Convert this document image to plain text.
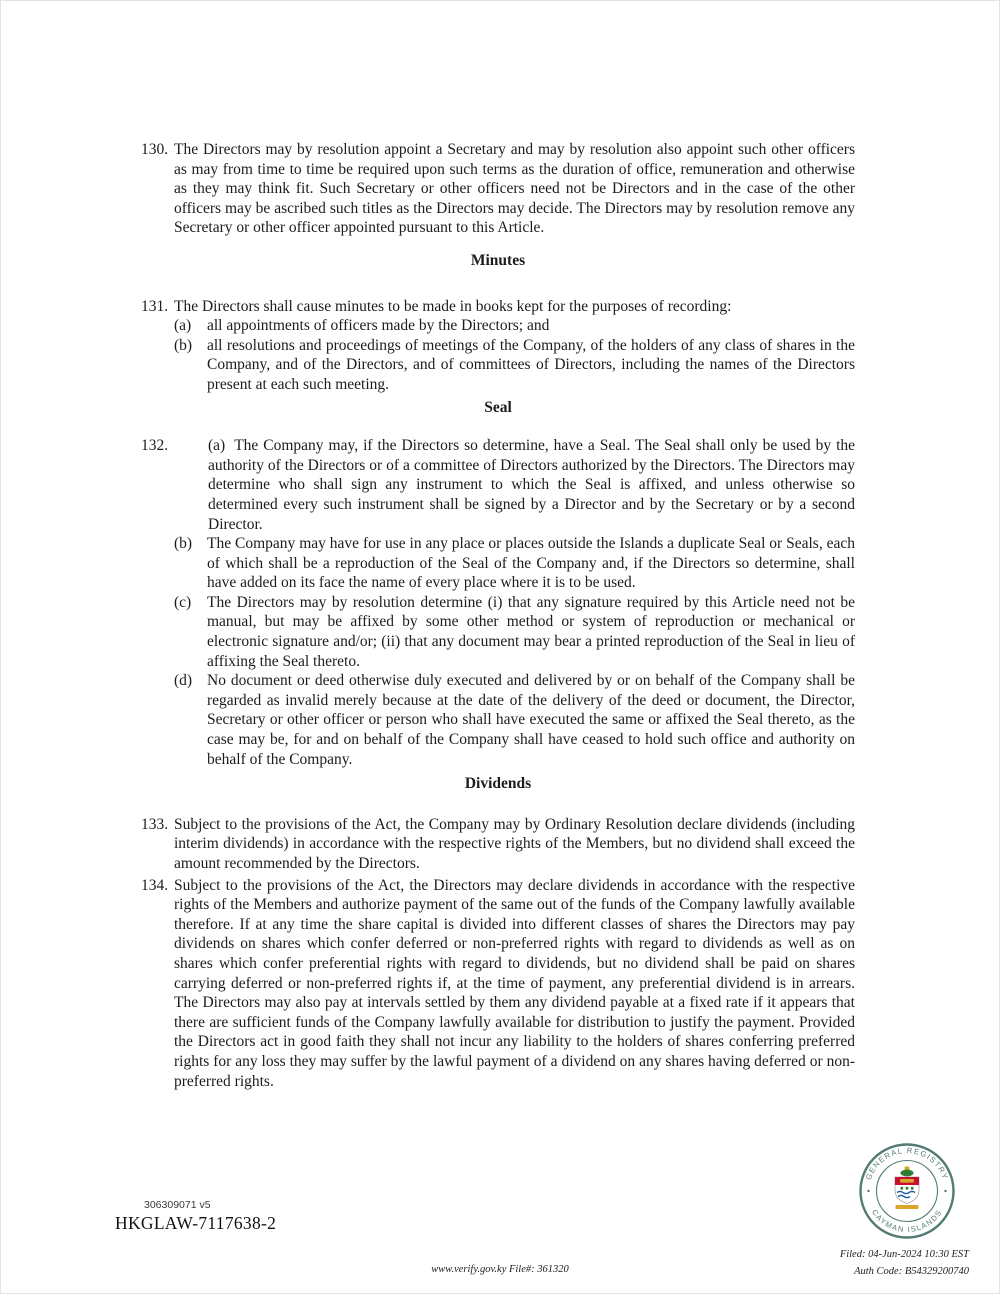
130. The Directors may by resolution appoint a Secretary and may by resolution also appoint such other officers as may from time to time be required upon such terms as the duration of office, remuneration and otherwise as they may think fit. Such Secretary or other officers need not be Directors and in the case of the other officers may be ascribed such titles as the Directors may decide. The Directors may by resolution remove any Secretary or other officer appointed pursuant to this Article.

Minutes
131. The Directors shall cause minutes to be made in books kept for the purposes of recording:

(a)	all appointments of officers made by the Directors; and

(b) all resolutions and proceedings of meetings of the Company, of the holders of any class of shares in the Company, and of the Directors, and of committees of Directors, including the names of the Directors present at each such meeting.

Seal
132.	(a) The Company may, if the Directors so determine, have a Seal. The Seal shall only be used by the authority of the Directors or of a committee of Directors authorized by the Directors. The Directors may determine who shall sign any instrument to which the Seal is affixed, and unless otherwise so determined every such instrument shall be signed by a Director and by the Secretary or by a second Director.

(b) The Company may have for use in any place or places outside the Islands a duplicate Seal or Seals, each of which shall be a reproduction of the Seal of the Company and, if the Directors so determine, shall have added on its face the name of every place where it is to be used.

(c)	The Directors may by resolution determine (i) that any signature required by this Article need not be manual, but may be affixed by some other method or system of reproduction or mechanical or electronic signature and/or; (ii) that any document may bear a printed reproduction of the Seal in lieu of affixing the Seal thereto.

(d) No document or deed otherwise duly executed and delivered by or on behalf of the Company shall be regarded as invalid merely because at the date of the delivery of the deed or document, the Director, Secretary or other officer or person who shall have executed the same or affixed the Seal thereto, as the case may be, for and on behalf of the Company shall have ceased to hold such office and authority on behalf of the Company.

Dividends
133. Subject to the provisions of the Act, the Company may by Ordinary Resolution declare dividends (including interim dividends) in accordance with the respective rights of the Members, but no dividend shall exceed the amount recommended by the Directors.

134. Subject to the provisions of the Act, the Directors may declare dividends in accordance with the respective rights of the Members and authorize payment of the same out of the funds of the Company lawfully available therefore. If at any time the share capital is divided into different classes of shares the Directors may pay dividends on shares which confer deferred or non-preferred rights with regard to dividends as well as on shares which confer preferential rights with regard to dividends, but no dividend shall be paid on shares carrying deferred or non-preferred rights if, at the time of payment, any preferential dividend is in arrears. The Directors may also pay at intervals settled by them any dividend payable at a fixed rate if it appears that there are sufficient funds of the Company lawfully available for distribution to justify the payment. Provided the Directors act in good faith they shall not incur any liability to the holders of shares conferring preferred rights for any loss they may suffer by the lawful payment of a dividend on any shares having deferred or non- preferred rights.

306309071 v5
HKGLAW-7117638-2
GENERAL REGISTRY
CAYMAN ISLANDS
Filed: 04-Jun-2024 10:30 EST
www.verify.gov.ky File#: 361320	Auth Code: B54329200740
